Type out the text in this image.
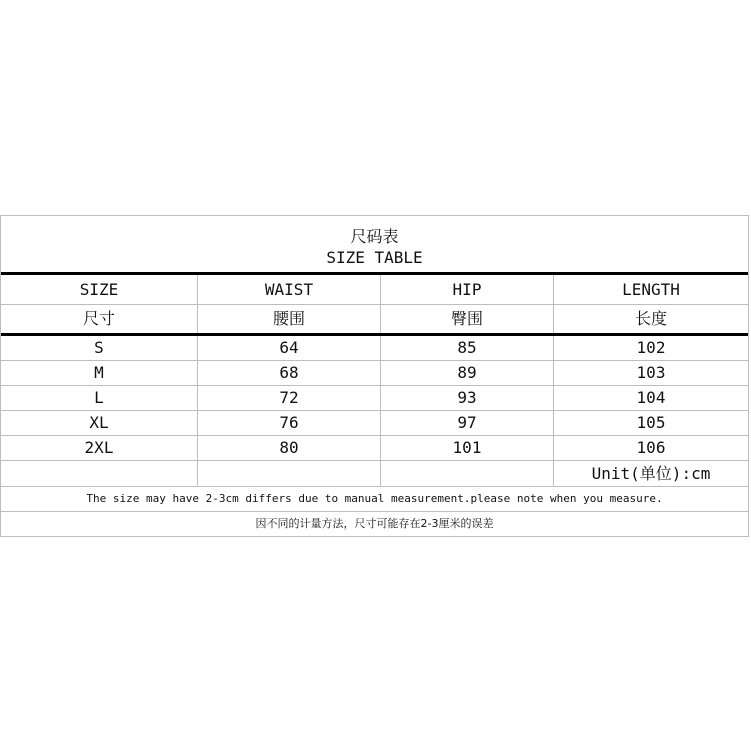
尺码表
SIZE TABLE
SIZE	WAIST	HIP	LENGTH
尺寸	腰围	臀围	长度
S	64	85	102
M	68	89	103
L	72	93	104
XL	76	97	105
2XL	80	101	106
Unit(单位):cm
The size may have 2-3cm differs due to manual measurement.please note when you measure.
因不同的计量方法，尺寸可能存在2-3厘米的误差
